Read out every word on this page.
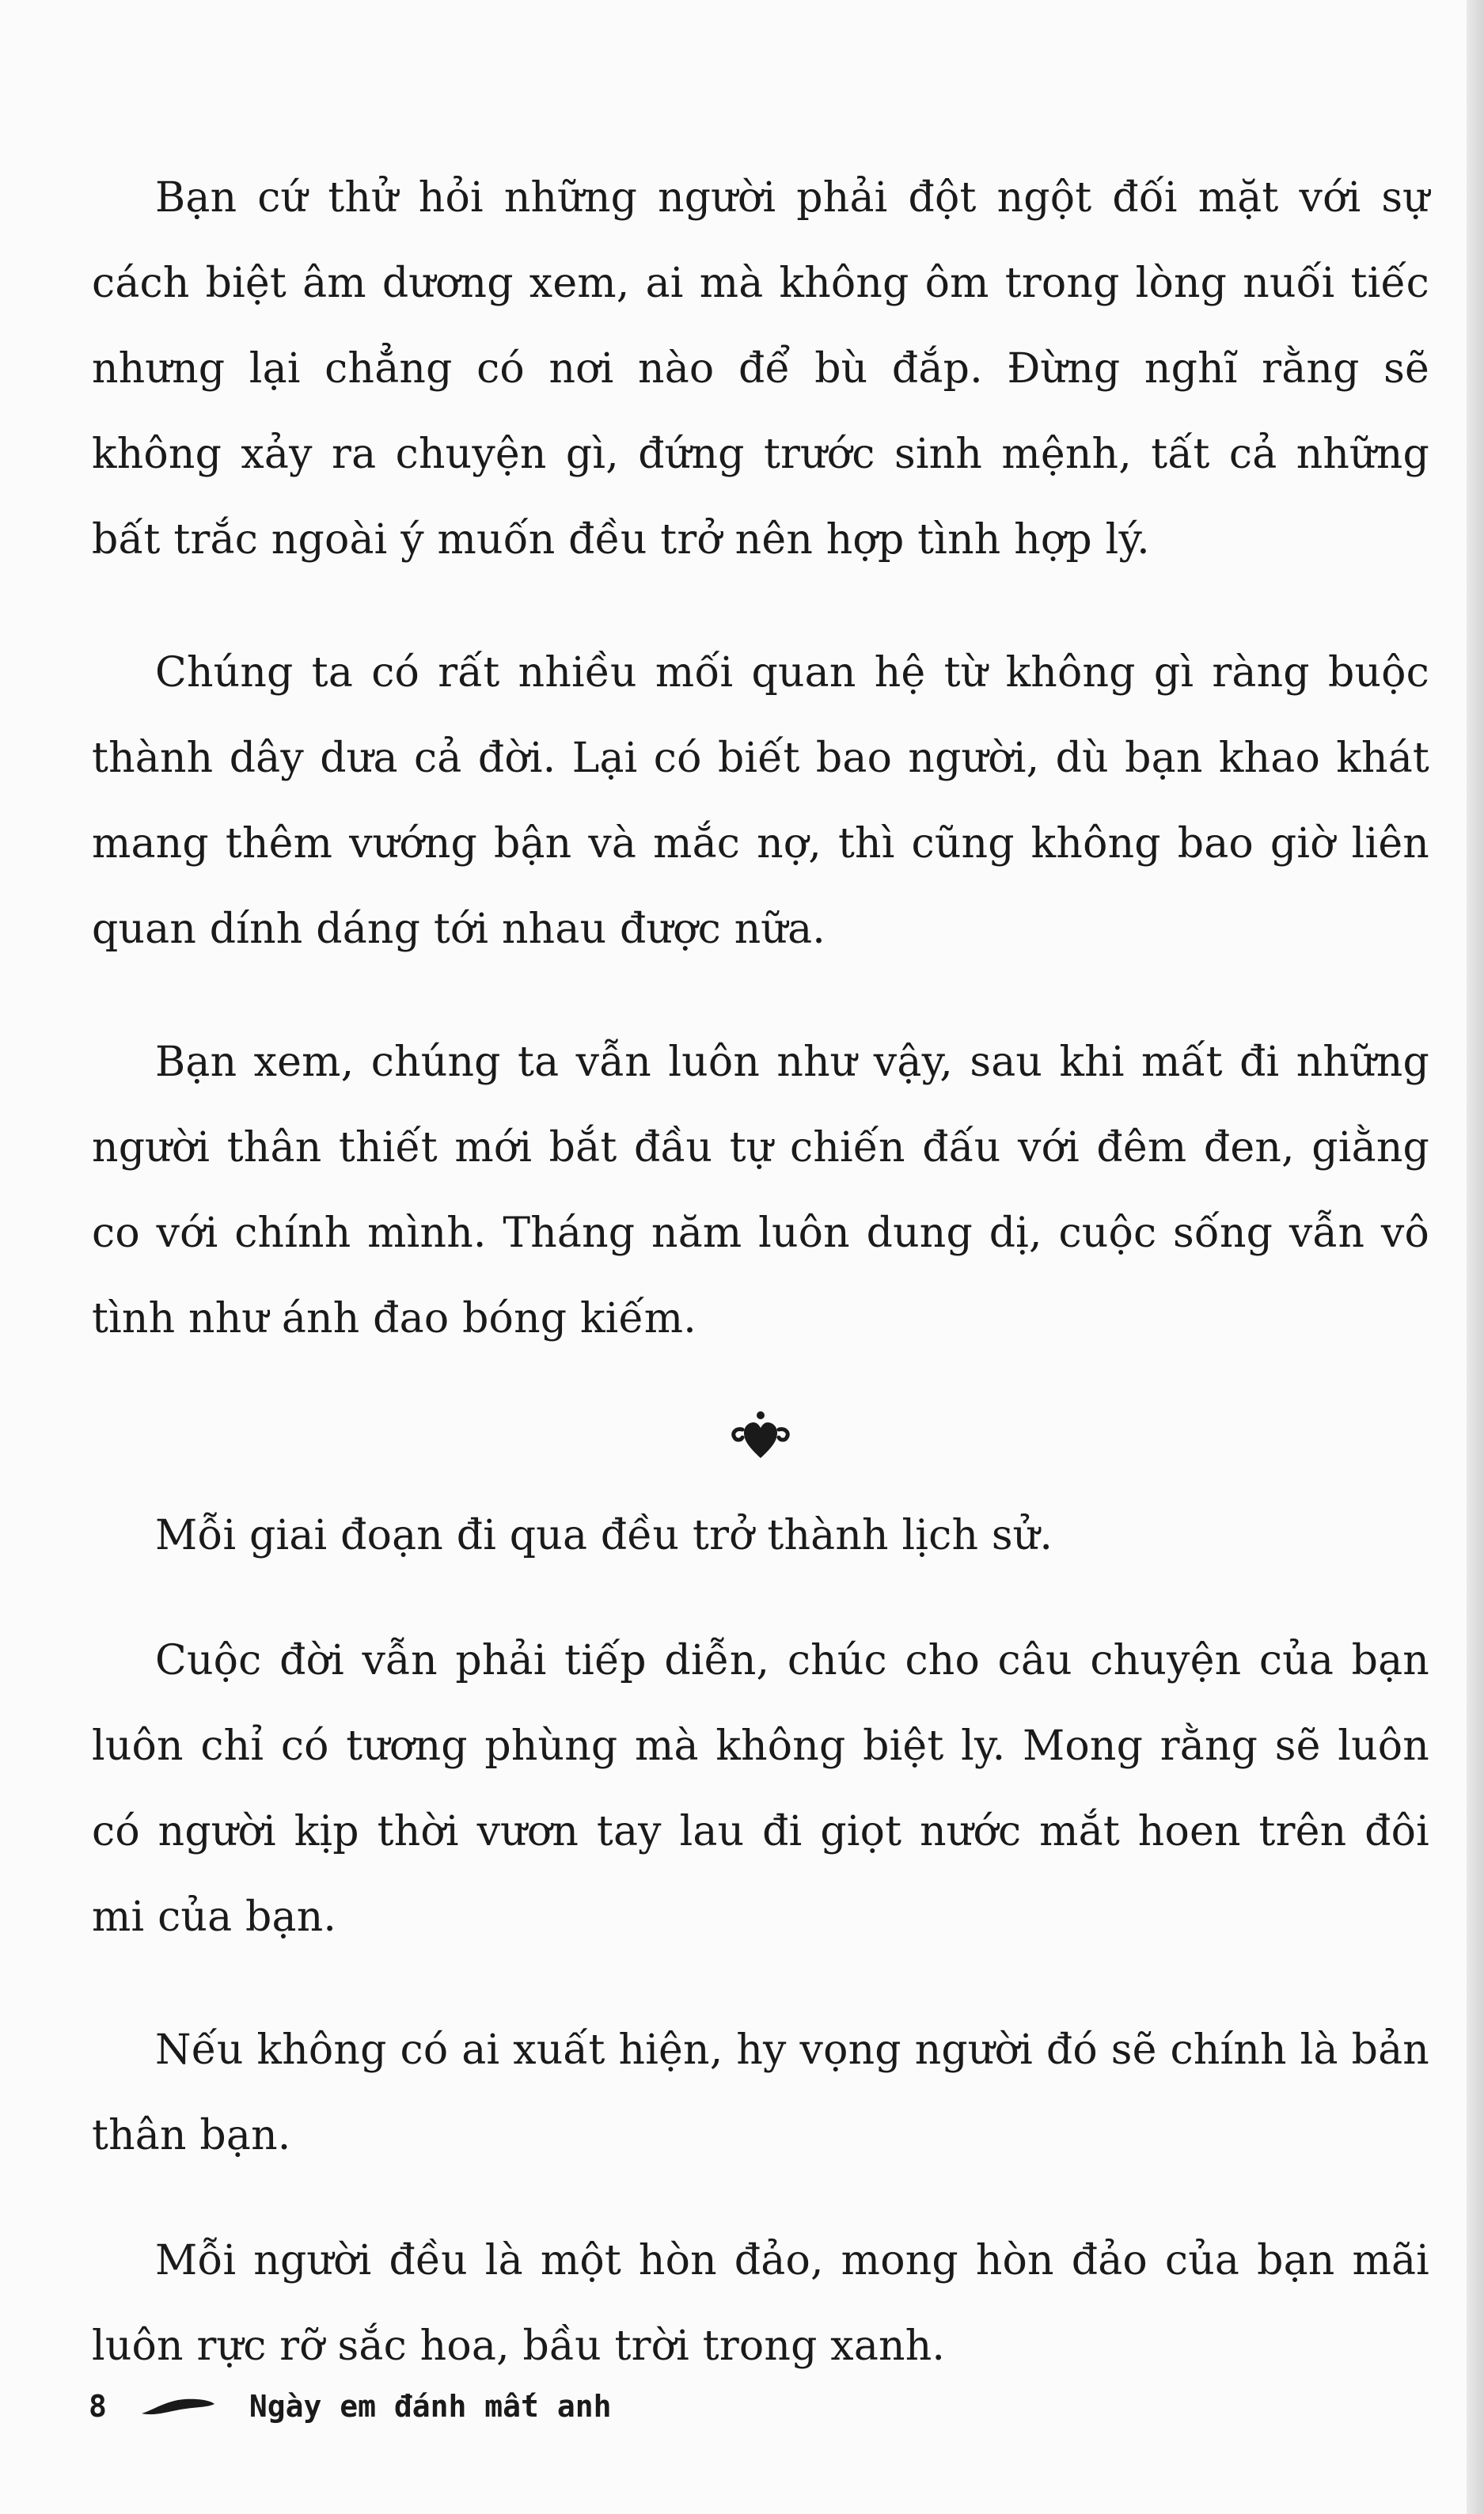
Bạn cứ thử hỏi những người phải đột ngột đối mặt với sự cách biệt âm dương xem, ai mà không ôm trong lòng nuối tiếc nhưng lại chẳng có nơi nào để bù đắp. Đừng nghĩ rằng sẽ không xảy ra chuyện gì, đứng trước sinh mệnh, tất cả những bất trắc ngoài ý muốn đều trở nên hợp tình hợp lý.

Chúng ta có rất nhiều mối quan hệ từ không gì ràng buộc thành dây dưa cả đời. Lại có biết bao người, dù bạn khao khát mang thêm vướng bận và mắc nợ, thì cũng không bao giờ liên quan dính dáng tới nhau được nữa.

Bạn xem, chúng ta vẫn luôn như vậy, sau khi mất đi những người thân thiết mới bắt đầu tự chiến đấu với đêm đen, giằng co với chính mình. Tháng năm luôn dung dị, cuộc sống vẫn vô tình như ánh đao bóng kiếm.

Mỗi giai đoạn đi qua đều trở thành lịch sử.

Cuộc đời vẫn phải tiếp diễn, chúc cho câu chuyện của bạn luôn chỉ có tương phùng mà không biệt ly. Mong rằng sẽ luôn có người kịp thời vươn tay lau đi giọt nước mắt hoen trên đôi mi của bạn.

Nếu không có ai xuất hiện, hy vọng người đó sẽ chính là bản thân bạn.

Mỗi người đều là một hòn đảo, mong hòn đảo của bạn mãi luôn rực rỡ sắc hoa, bầu trời trong xanh.

8	Ngày em đánh mất anh
